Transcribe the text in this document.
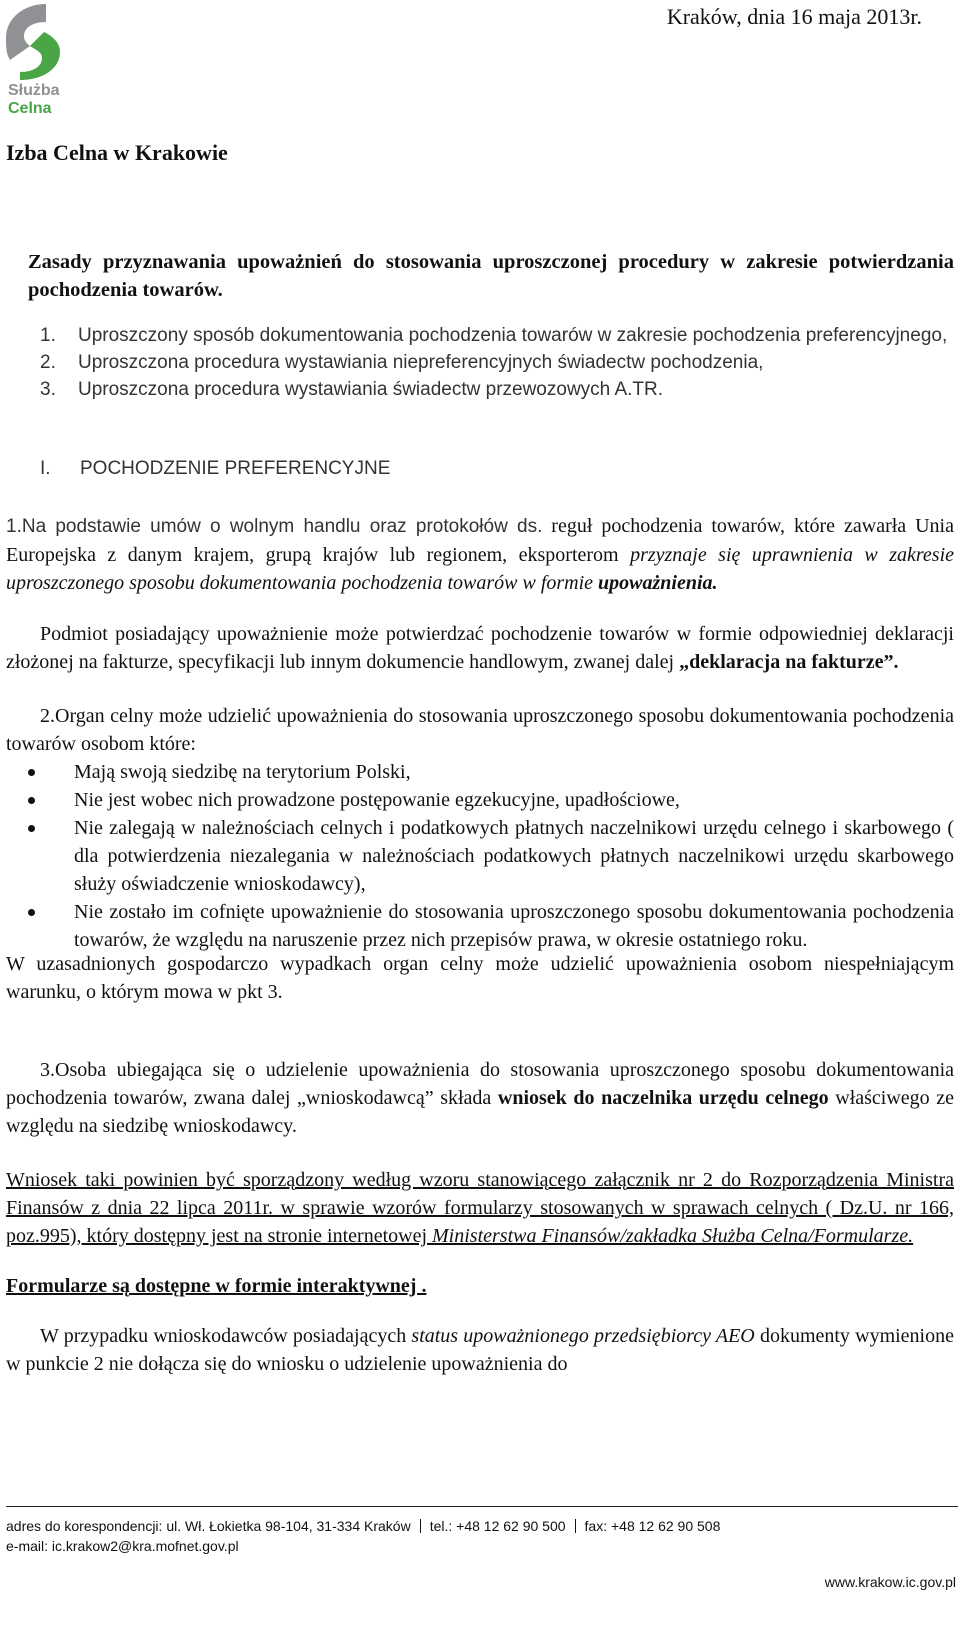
Służba
Celna
Kraków, dnia 16 maja 2013r.
Izba Celna w Krakowie
Zasady przyznawania upoważnień do stosowania uproszczonej procedury w zakresie potwierdzania pochodzenia towarów.
1. Uproszczony sposób dokumentowania pochodzenia towarów w zakresie pochodzenia preferencyjnego,
2. Uproszczona procedura wystawiania niepreferencyjnych świadectw pochodzenia,
3. Uproszczona procedura wystawiania świadectw przewozowych A.TR.
I. POCHODZENIE PREFERENCYJNE
1.Na podstawie umów o wolnym handlu oraz protokołów ds. reguł pochodzenia towarów, które zawarła Unia Europejska z danym krajem, grupą krajów lub regionem, eksporterom przyznaje się uprawnienia w zakresie uproszczonego sposobu dokumentowania pochodzenia towarów w formie upoważnienia.
Podmiot posiadający upoważnienie może potwierdzać pochodzenie towarów w formie odpowiedniej deklaracji złożonej na fakturze, specyfikacji lub innym dokumencie handlowym, zwanej dalej „deklaracja na fakturze”.
2.Organ celny może udzielić upoważnienia do stosowania uproszczonego sposobu dokumentowania pochodzenia towarów osobom które:
Mają swoją siedzibę na terytorium Polski,
Nie jest wobec nich prowadzone postępowanie egzekucyjne, upadłościowe,
Nie zalegają w należnościach celnych i podatkowych płatnych naczelnikowi urzędu celnego i skarbowego ( dla potwierdzenia niezalegania w należnościach podatkowych płatnych naczelnikowi urzędu skarbowego służy oświadczenie wnioskodawcy),
Nie zostało im cofnięte upoważnienie do stosowania uproszczonego sposobu dokumentowania pochodzenia towarów, że względu na naruszenie przez nich przepisów prawa, w okresie ostatniego roku.
W uzasadnionych gospodarczo wypadkach organ celny może udzielić upoważnienia osobom niespełniającym warunku, o którym mowa w pkt 3.
3.Osoba ubiegająca się o udzielenie upoważnienia do stosowania uproszczonego sposobu dokumentowania pochodzenia towarów, zwana dalej „wnioskodawcą” składa wniosek do naczelnika urzędu celnego właściwego ze względu na siedzibę wnioskodawcy.
Wniosek taki powinien być sporządzony według wzoru stanowiącego załącznik nr 2 do Rozporządzenia Ministra Finansów z dnia 22 lipca 2011r. w sprawie wzorów formularzy stosowanych w sprawach celnych ( Dz.U. nr 166, poz.995), który dostępny jest na stronie internetowej Ministerstwa Finansów/zakładka Służba Celna/Formularze.
Formularze są dostępne w formie interaktywnej .
W przypadku wnioskodawców posiadających status upoważnionego przedsiębiorcy AEO dokumenty wymienione w punkcie 2 nie dołącza się do wniosku o udzielenie upoważnienia do
adres do korespondencji: ul. Wł. Łokietka 98-104, 31-334 Kraków tel.: +48 12 62 90 500 fax: +48 12 62 90 508
e-mail: ic.krakow2@kra.mofnet.gov.pl
www.krakow.ic.gov.pl
